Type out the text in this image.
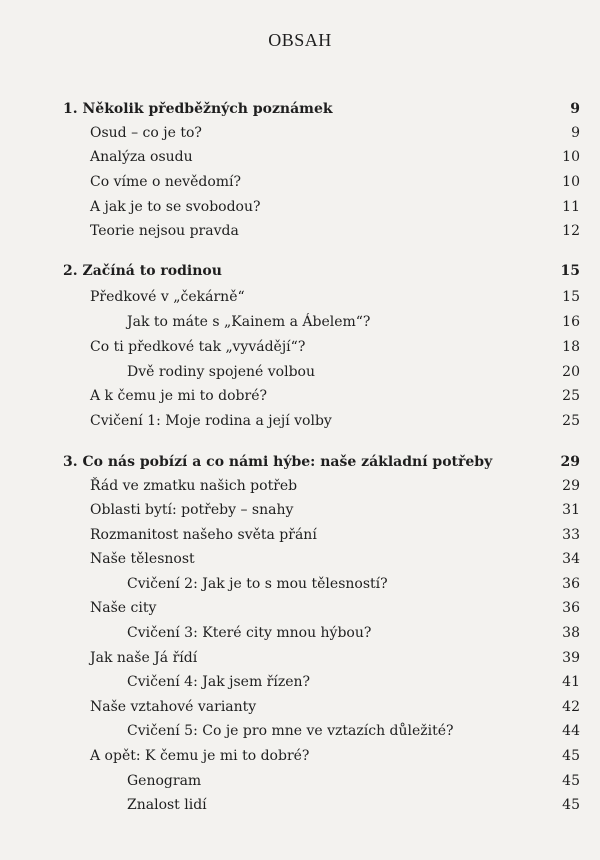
OBSAH
1. Několik předběžných poznámek	9
Osud – co je to?	9
Analýza osudu	10
Co víme o nevědomí?	10
A jak je to se svobodou?	11
Teorie nejsou pravda	12
2. Začíná to rodinou	15
Předkové v „čekárně“	15
Jak to máte s „Kainem a Ábelem“?	16
Co ti předkové tak „vyvádějí“?	18
Dvě rodiny spojené volbou	20
A k čemu je mi to dobré?	25
Cvičení 1: Moje rodina a její volby	25
3. Co nás pobízí a co námi hýbe: naše základní potřeby	29
Řád ve zmatku našich potřeb	29
Oblasti bytí: potřeby – snahy	31
Rozmanitost našeho světa přání	33
Naše tělesnost	34
Cvičení 2: Jak je to s mou tělesností?	36
Naše city	36
Cvičení 3: Které city mnou hýbou?	38
Jak naše Já řídí	39
Cvičení 4: Jak jsem řízen?	41
Naše vztahové varianty	42
Cvičení 5: Co je pro mne ve vztazích důležité?	44
A opět: K čemu je mi to dobré?	45
Genogram	45
Znalost lidí	45
